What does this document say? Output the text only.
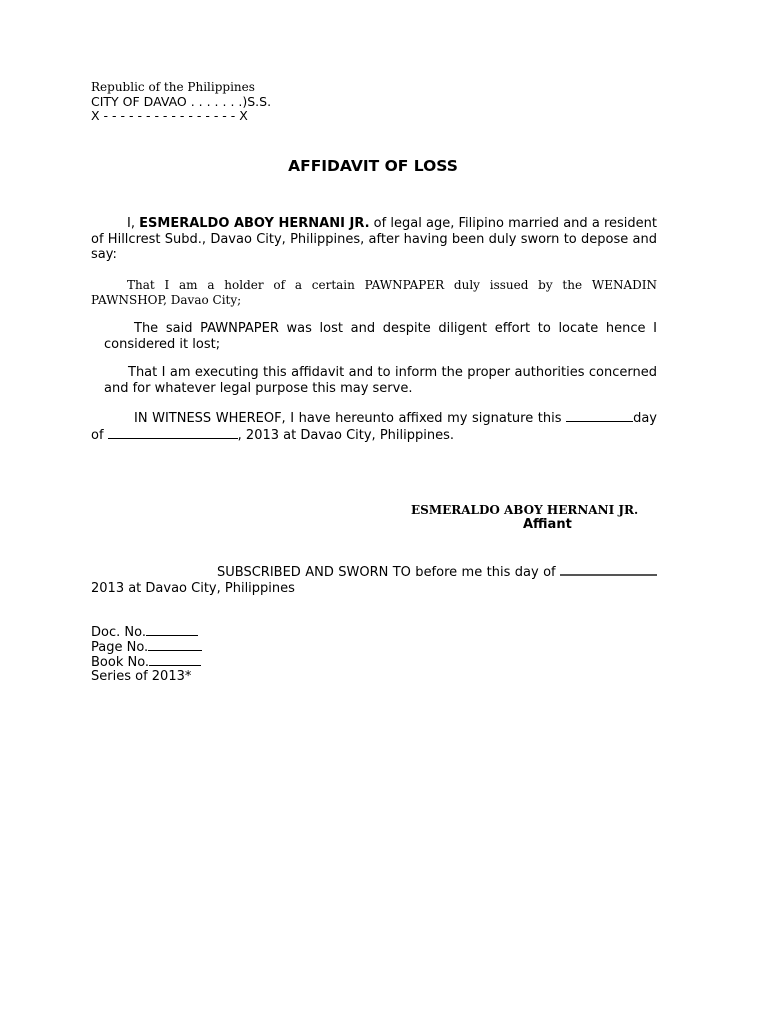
Republic of the Philippines
CITY OF DAVAO . . . . . . .)S.S.
X - - - - - - - - - - - - - - - - X
AFFIDAVIT OF LOSS
I, ESMERALDO ABOY HERNANI JR. of legal age, Filipino married and a resident of Hillcrest Subd., Davao City, Philippines, after having been duly sworn to depose and say:
That I am a holder of a certain PAWNPAPER duly issued by the WENADIN PAWNSHOP, Davao City;
The said PAWNPAPER was lost and despite diligent effort to locate hence I considered it lost;
That I am executing this affidavit and to inform the proper authorities concerned and for whatever legal purpose this may serve.
IN WITNESS WHEREOF, I have hereunto affixed my signature this	day of	, 2013 at Davao City, Philippines.
ESMERALDO ABOY HERNANI JR.
Affiant
SUBSCRIBED AND SWORN TO before me this day of 2013 at Davao City, Philippines
Doc. No.
Page No.
Book No.
Series of 2013*
